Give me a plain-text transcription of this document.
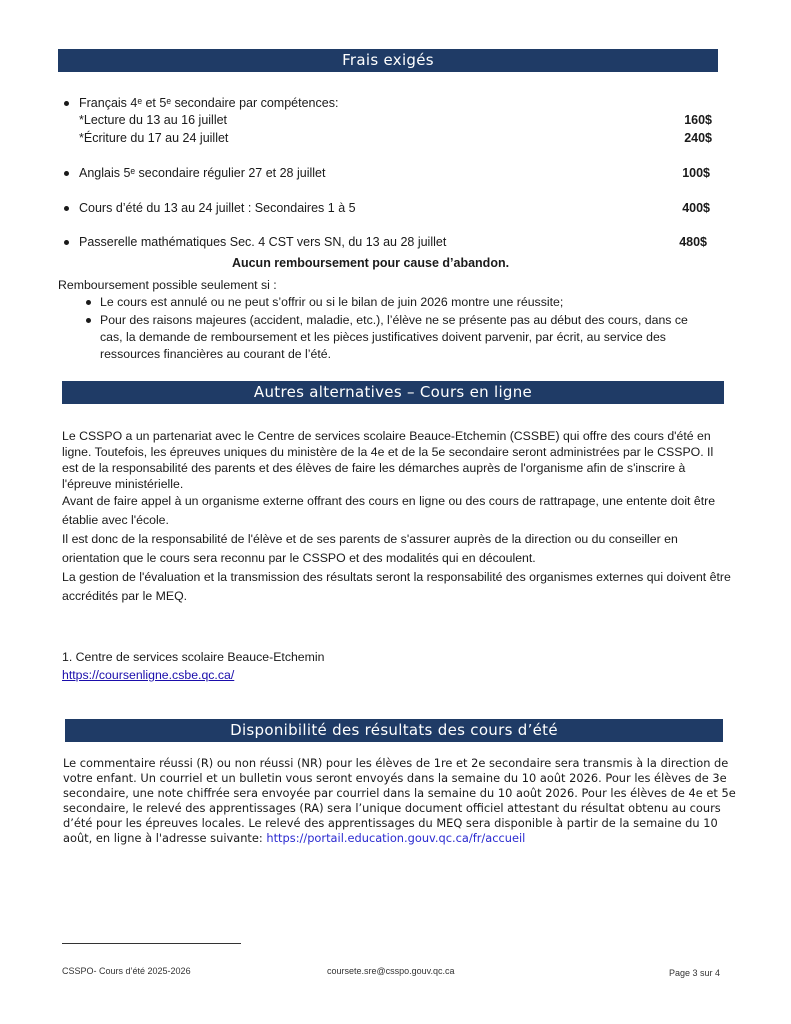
Frais exigés
Français 4ᵉ et 5ᵉ secondaire par compétences:
*Lecture du 13 au 16 juillet	160$
*Écriture du 17 au 24 juillet	240$
Anglais 5ᵉ secondaire régulier 27 et 28 juillet	100$
Cours d’été du 13 au 24 juillet : Secondaires 1 à 5	400$
Passerelle mathématiques Sec. 4 CST vers SN, du 13 au 28 juillet	480$
Aucun remboursement pour cause d’abandon.
Remboursement possible seulement si :
Le cours est annulé ou ne peut s’offrir ou si le bilan de juin 2026 montre une réussite;
Pour des raisons majeures (accident, maladie, etc.), l’élève ne se présente pas au début des cours, dans ce cas, la demande de remboursement et les pièces justificatives doivent parvenir, par écrit, au service des ressources financières au courant de l’été.
Autres alternatives – Cours en ligne

Le CSSPO a un partenariat avec le Centre de services scolaire Beauce-Etchemin (CSSBE) qui offre des cours d'été en ligne. Toutefois, les épreuves uniques du ministère de la 4e et de la 5e secondaire seront administrées par le CSSPO. Il est de la responsabilité des parents et des élèves de faire les démarches auprès de l'organisme afin de s'inscrire à l'épreuve ministérielle.

Avant de faire appel à un organisme externe offrant des cours en ligne ou des cours de rattrapage, une entente doit être établie avec l'école.

Il est donc de la responsabilité de l'élève et de ses parents de s'assurer auprès de la direction ou du conseiller en orientation que le cours sera reconnu par le CSSPO et des modalités qui en découlent.

La gestion de l'évaluation et la transmission des résultats seront la responsabilité des organismes externes qui doivent être accrédités par le MEQ.

1. Centre de services scolaire Beauce-Etchemin
https://coursenligne.csbe.qc.ca/
Disponibilité des résultats des cours d’été

Le commentaire réussi (R) ou non réussi (NR) pour les élèves de 1re et 2e secondaire sera transmis à la direction de votre enfant. Un courriel et un bulletin vous seront envoyés dans la semaine du 10 août 2026. Pour les élèves de 3e secondaire, une note chiffrée sera envoyée par courriel dans la semaine du 10 août 2026. Pour les élèves de 4e et 5e secondaire, le relevé des apprentissages (RA) sera l’unique document officiel attestant du résultat obtenu au cours d’été pour les épreuves locales. Le relevé des apprentissages du MEQ sera disponible à partir de la semaine du 10 août, en ligne à l'adresse suivante: https://portail.education.gouv.qc.ca/fr/accueil

CSSPO- Cours d’été 2025-2026	coursete.sre@csspo.gouv.qc.ca	Page 3 sur 4
